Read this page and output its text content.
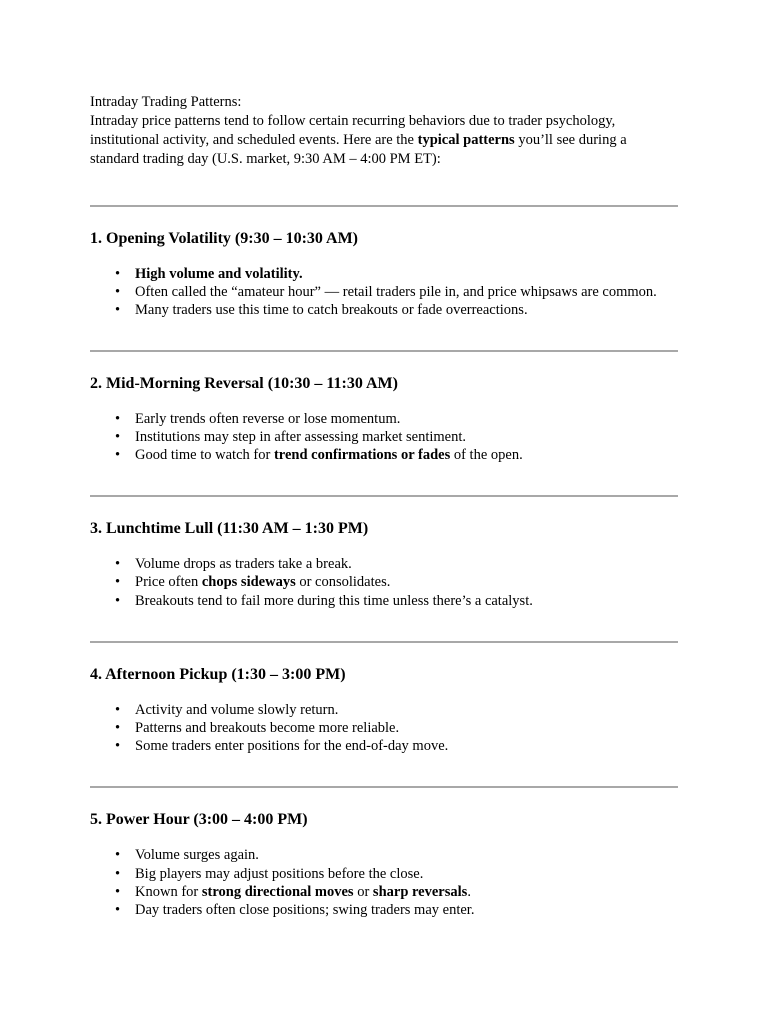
Intraday Trading Patterns:

Intraday price patterns tend to follow certain recurring behaviors due to trader psychology,

institutional activity, and scheduled events. Here are the typical patterns you’ll see during a

standard trading day (U.S. market, 9:30 AM – 4:00 PM ET):

1. Opening Volatility (9:30 – 10:30 AM)
• High volume and volatility.
• Often called the “amateur hour” — retail traders pile in, and price whipsaws are common.
• Many traders use this time to catch breakouts or fade overreactions.
2. Mid-Morning Reversal (10:30 – 11:30 AM)
• Early trends often reverse or lose momentum.
• Institutions may step in after assessing market sentiment.
• Good time to watch for trend confirmations or fades of the open.
3. Lunchtime Lull (11:30 AM – 1:30 PM)
• Volume drops as traders take a break.
• Price often chops sideways or consolidates.
• Breakouts tend to fail more during this time unless there’s a catalyst.
4. Afternoon Pickup (1:30 – 3:00 PM)
• Activity and volume slowly return.
• Patterns and breakouts become more reliable.
• Some traders enter positions for the end-of-day move.
5. Power Hour (3:00 – 4:00 PM)
• Volume surges again.
• Big players may adjust positions before the close.
• Known for strong directional moves or sharp reversals.
• Day traders often close positions; swing traders may enter.
